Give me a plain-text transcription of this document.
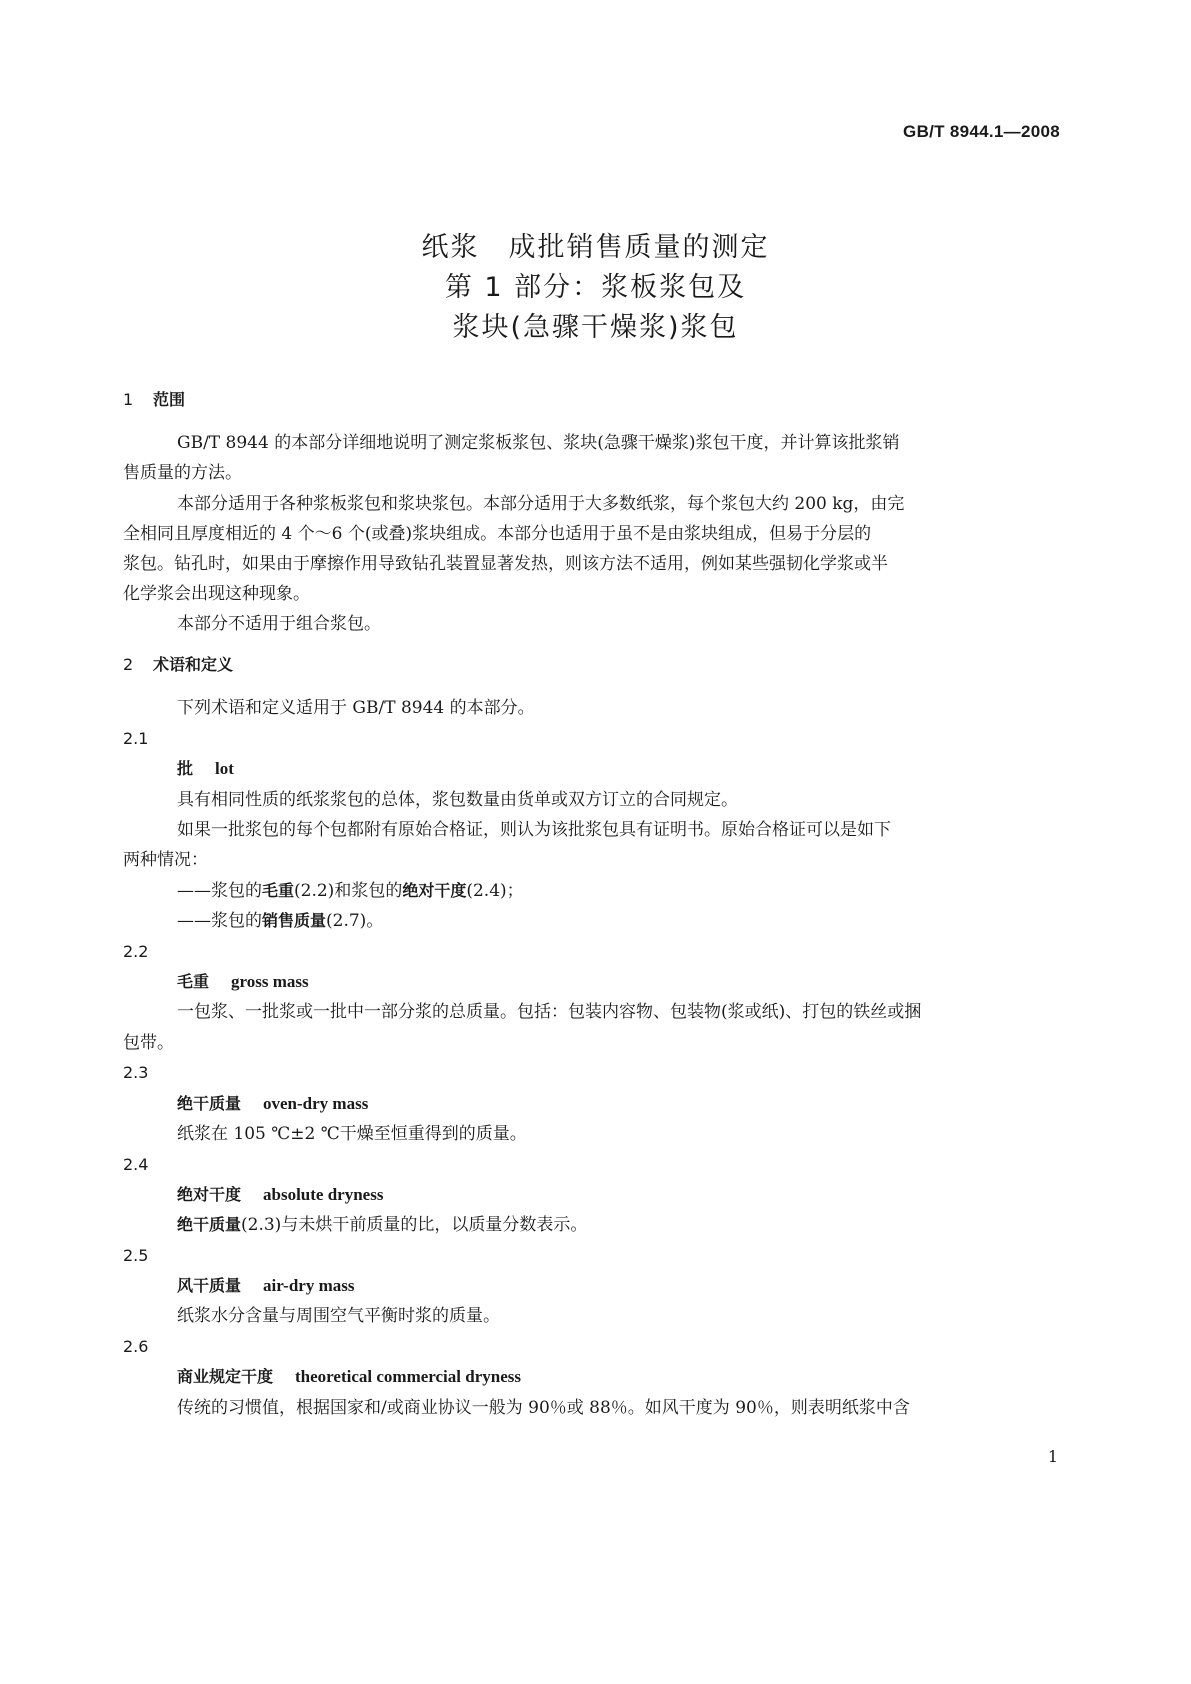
GB/T 8944.1—2008
纸浆　成批销售质量的测定
第 1 部分：浆板浆包及
浆块(急骤干燥浆)浆包
1 范围
GB/T 8944 的本部分详细地说明了测定浆板浆包、浆块(急骤干燥浆)浆包干度，并计算该批浆销
售质量的方法。
本部分适用于各种浆板浆包和浆块浆包。本部分适用于大多数纸浆，每个浆包大约 200 kg，由完
全相同且厚度相近的 4 个～6 个(或叠)浆块组成。本部分也适用于虽不是由浆块组成，但易于分层的
浆包。钻孔时，如果由于摩擦作用导致钻孔装置显著发热，则该方法不适用，例如某些强韧化学浆或半
化学浆会出现这种现象。
本部分不适用于组合浆包。
2 术语和定义
下列术语和定义适用于 GB/T 8944 的本部分。
2.1
批 lot
具有相同性质的纸浆浆包的总体，浆包数量由货单或双方订立的合同规定。
如果一批浆包的每个包都附有原始合格证，则认为该批浆包具有证明书。原始合格证可以是如下
两种情况：
——浆包的毛重(2.2)和浆包的绝对干度(2.4)；
——浆包的销售质量(2.7)。
2.2
毛重 gross mass
一包浆、一批浆或一批中一部分浆的总质量。包括：包装内容物、包装物(浆或纸)、打包的铁丝或捆
包带。
2.3
绝干质量 oven-dry mass
纸浆在 105 ℃±2 ℃干燥至恒重得到的质量。
2.4
绝对干度 absolute dryness
绝干质量(2.3)与未烘干前质量的比，以质量分数表示。
2.5
风干质量 air-dry mass
纸浆水分含量与周围空气平衡时浆的质量。
2.6
商业规定干度 theoretical commercial dryness
传统的习惯值，根据国家和/或商业协议一般为 90％或 88％。如风干度为 90％，则表明纸浆中含
1
